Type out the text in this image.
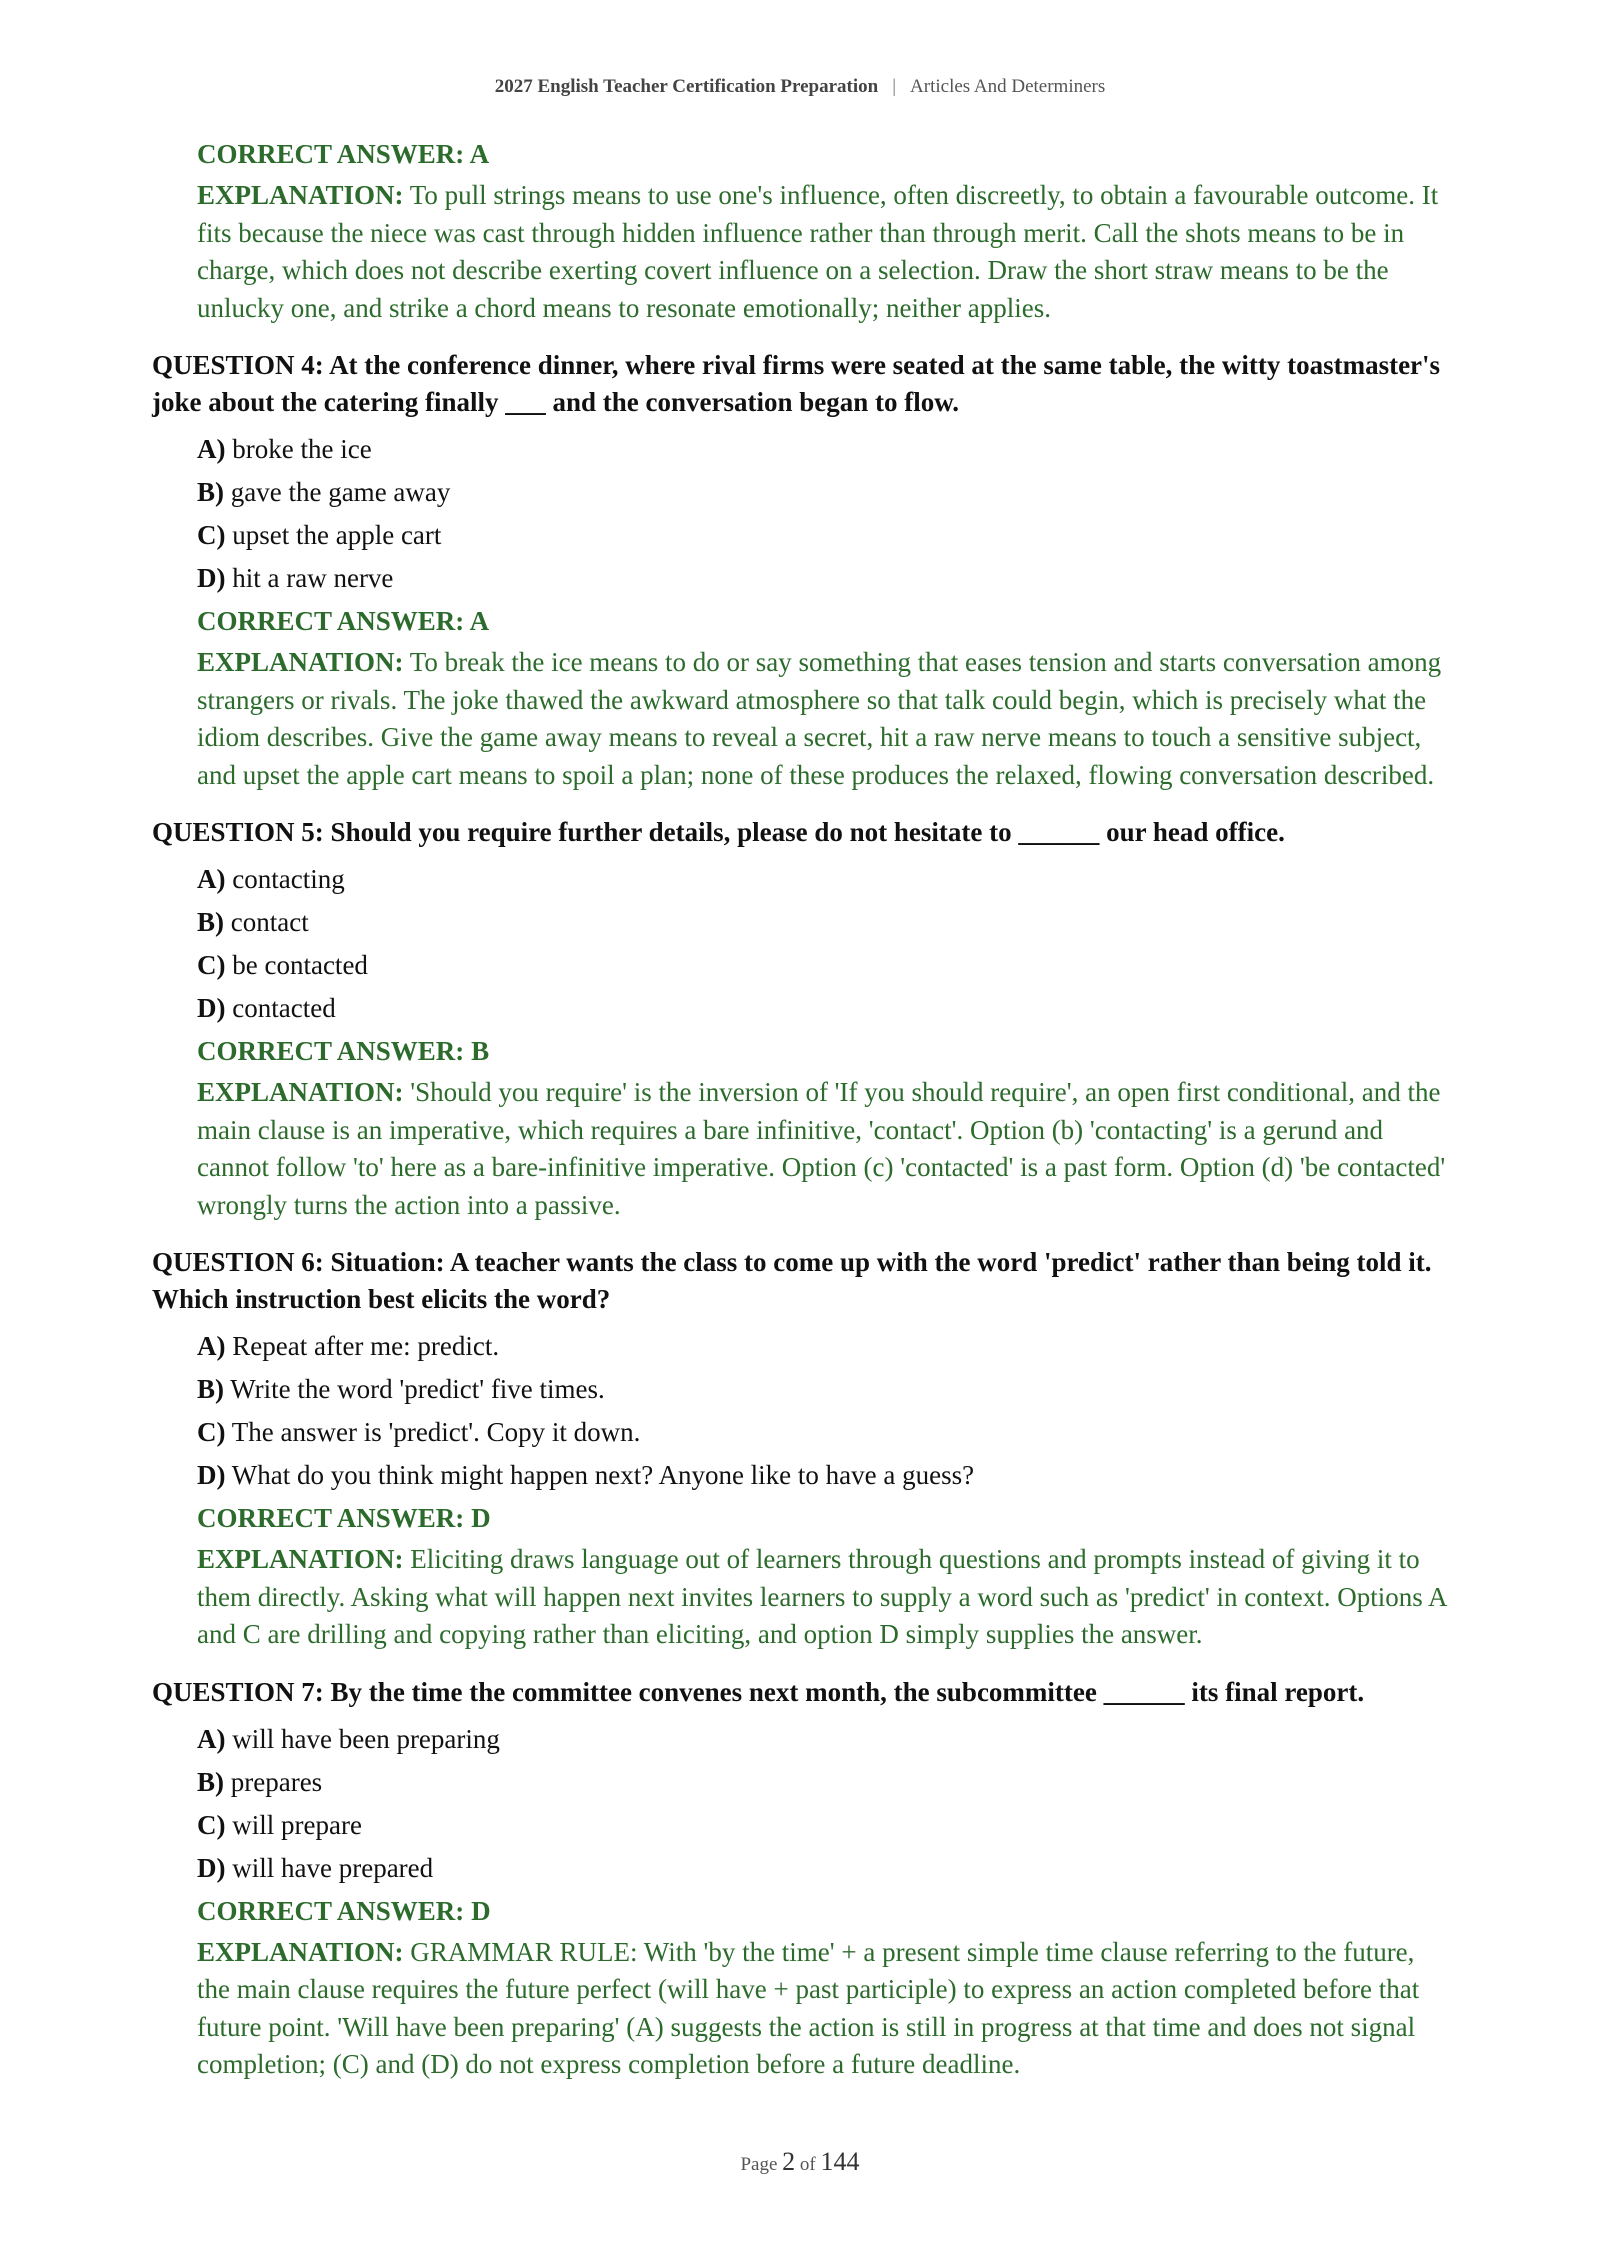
2027 English Teacher Certification Preparation | Articles And Determiners
CORRECT ANSWER: A
EXPLANATION: To pull strings means to use one's influence, often discreetly, to obtain a favourable outcome. It fits because the niece was cast through hidden influence rather than through merit. Call the shots means to be in charge, which does not describe exerting covert influence on a selection. Draw the short straw means to be the unlucky one, and strike a chord means to resonate emotionally; neither applies.
QUESTION 4: At the conference dinner, where rival firms were seated at the same table, the witty toastmaster's joke about the catering finally ___ and the conversation began to flow.
A) broke the ice
B) gave the game away
C) upset the apple cart
D) hit a raw nerve
CORRECT ANSWER: A
EXPLANATION: To break the ice means to do or say something that eases tension and starts conversation among strangers or rivals. The joke thawed the awkward atmosphere so that talk could begin, which is precisely what the idiom describes. Give the game away means to reveal a secret, hit a raw nerve means to touch a sensitive subject, and upset the apple cart means to spoil a plan; none of these produces the relaxed, flowing conversation described.
QUESTION 5: Should you require further details, please do not hesitate to ______ our head office.
A) contacting
B) contact
C) be contacted
D) contacted
CORRECT ANSWER: B
EXPLANATION: 'Should you require' is the inversion of 'If you should require', an open first conditional, and the main clause is an imperative, which requires a bare infinitive, 'contact'. Option (b) 'contacting' is a gerund and cannot follow 'to' here as a bare-infinitive imperative. Option (c) 'contacted' is a past form. Option (d) 'be contacted' wrongly turns the action into a passive.
QUESTION 6: Situation: A teacher wants the class to come up with the word 'predict' rather than being told it. Which instruction best elicits the word?
A) Repeat after me: predict.
B) Write the word 'predict' five times.
C) The answer is 'predict'. Copy it down.
D) What do you think might happen next? Anyone like to have a guess?
CORRECT ANSWER: D
EXPLANATION: Eliciting draws language out of learners through questions and prompts instead of giving it to them directly. Asking what will happen next invites learners to supply a word such as 'predict' in context. Options A and C are drilling and copying rather than eliciting, and option D simply supplies the answer.
QUESTION 7: By the time the committee convenes next month, the subcommittee ______ its final report.
A) will have been preparing
B) prepares
C) will prepare
D) will have prepared
CORRECT ANSWER: D
EXPLANATION: GRAMMAR RULE: With 'by the time' + a present simple time clause referring to the future, the main clause requires the future perfect (will have + past participle) to express an action completed before that future point. 'Will have been preparing' (A) suggests the action is still in progress at that time and does not signal completion; (C) and (D) do not express completion before a future deadline.
Page 2 of 144
